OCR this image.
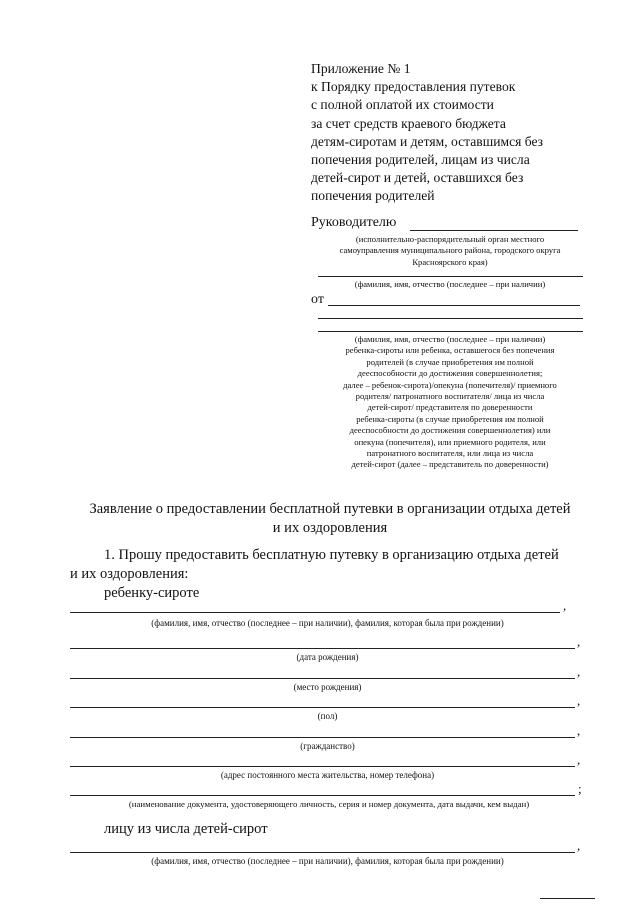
Приложение № 1
к Порядку предоставления путевок
с полной оплатой их стоимости
за счет средств краевого бюджета
детям-сиротам и детям, оставшимся без
попечения родителей, лицам из числа
детей-сирот и детей, оставшихся без
попечения родителей
Руководителю
(исполнительно-распорядительный орган местного
самоуправления муниципального района, городского округа
Красноярского края)
(фамилия, имя, отчество (последнее – при наличии)
от
(фамилия, имя, отчество (последнее – при наличии)
ребенка-сироты или ребенка, оставшегося без попечения
родителей (в случае приобретения им полной
дееспособности до достижения совершеннолетия;
далее – ребенок-сирота)/опекуна (попечителя)/ приемного
родителя/ патронатного воспитателя/ лица из числа
детей-сирот/ представителя по доверенности
ребенка-сироты (в случае приобретения им полной
дееспособности до достижения совершеннолетия) или
опекуна (попечителя), или приемного родителя, или
патронатного воспитателя, или лица из числа
детей-сирот (далее – представитель по доверенности)
Заявление о предоставлении бесплатной путевки в организации отдыха детей
и их оздоровления
1. Прошу предоставить бесплатную путевку в организацию отдыха детей
и их оздоровления:
ребенку-сироте
,
(фамилия, имя, отчество (последнее – при наличии), фамилия, которая была при рождении)
,
(дата рождения)
,
(место рождения)
,
(пол)
,
(гражданство)
,
(адрес постоянного места жительства, номер телефона)
;
(наименование документа, удостоверяющего личность, серия и номер документа, дата выдачи, кем выдан)
лицу из числа детей-сирот
,
(фамилия, имя, отчество (последнее – при наличии), фамилия, которая была при рождении)
